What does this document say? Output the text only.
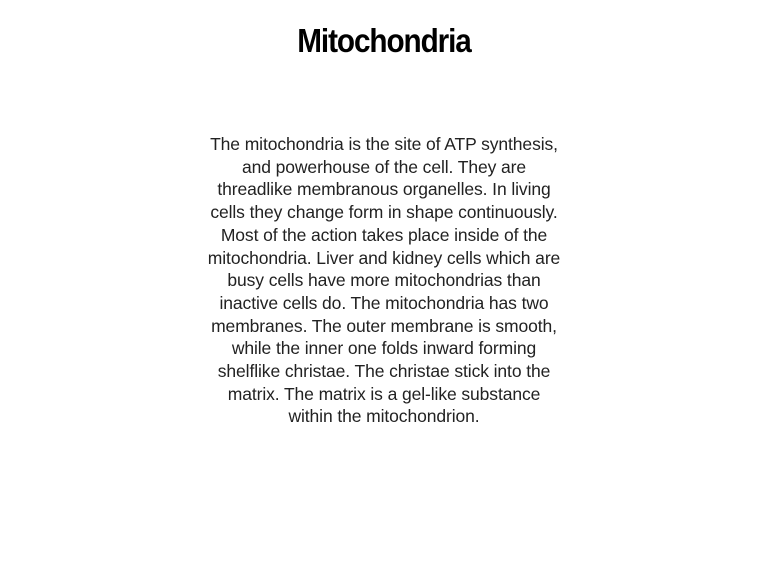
Mitochondria
The mitochondria is the site of ATP synthesis,
and powerhouse of the cell. They are
threadlike membranous organelles. In living
cells they change form in shape continuously.
Most of the action takes place inside of the
mitochondria. Liver and kidney cells which are
busy cells have more mitochondrias than
inactive cells do. The mitochondria has two
membranes. The outer membrane is smooth,
while the inner one folds inward forming
shelflike christae. The christae stick into the
matrix. The matrix is a gel-like substance
within the mitochondrion.
